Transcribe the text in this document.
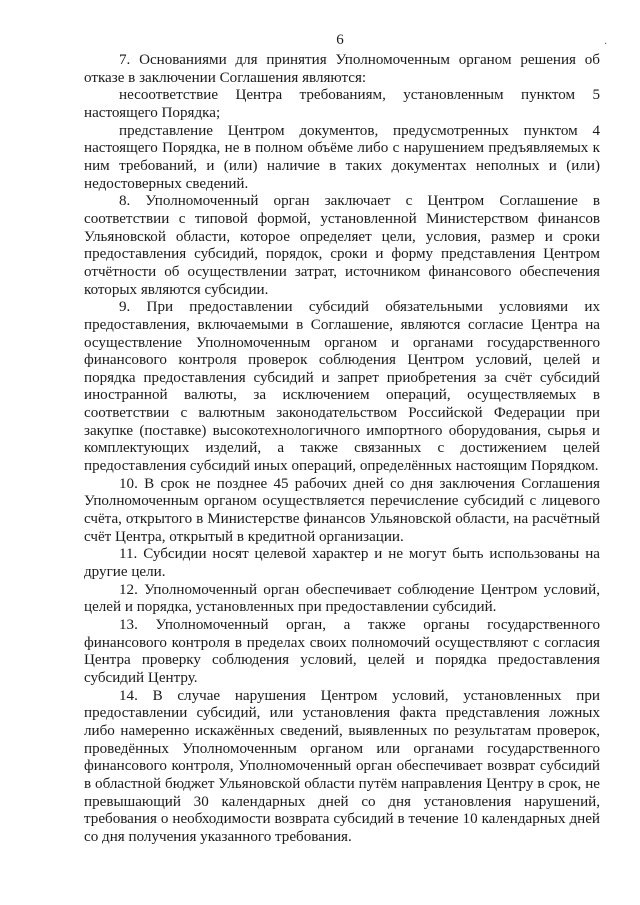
6	·

7. Основаниями для принятия Уполномоченным органом решения об отказе в заключении Соглашения являются:

несоответствие Центра требованиям, установленным пунктом 5 настоящего Порядка;

представление Центром документов, предусмотренных пунктом 4 настоящего Порядка, не в полном объёме либо с нарушением предъявляемых к ним требований, и (или) наличие в таких документах неполных и (или) недостоверных сведений.

8. Уполномоченный орган заключает с Центром Соглашение в соответствии с типовой формой, установленной Министерством финансов Ульяновской области, которое определяет цели, условия, размер и сроки предоставления субсидий, порядок, сроки и форму представления Центром отчётности об осуществлении затрат, источником финансового обеспечения которых являются субсидии.

9. При предоставлении субсидий обязательными условиями их предоставления, включаемыми в Соглашение, являются согласие Центра на осуществление Уполномоченным органом и органами государственного финансового контроля проверок соблюдения Центром условий, целей и порядка предоставления субсидий и запрет приобретения за счёт субсидий иностранной валюты, за исключением операций, осуществляемых в соответствии с валютным законодательством Российской Федерации при закупке (поставке) высокотехнологичного импортного оборудования, сырья и комплектующих изделий, а также связанных с достижением целей предоставления субсидий иных операций, определённых настоящим Порядком.

10. В срок не позднее 45 рабочих дней со дня заключения Соглашения Уполномоченным органом осуществляется перечисление субсидий с лицевого счёта, открытого в Министерстве финансов Ульяновской области, на расчётный счёт Центра, открытый в кредитной организации.

11. Субсидии носят целевой характер и не могут быть использованы на другие цели.

12. Уполномоченный орган обеспечивает соблюдение Центром условий, целей и порядка, установленных при предоставлении субсидий.

13. Уполномоченный орган, а также органы государственного финансового контроля в пределах своих полномочий осуществляют с согласия Центра проверку соблюдения условий, целей и порядка предоставления субсидий Центру.

14. В случае нарушения Центром условий, установленных при предоставлении субсидий, или установления факта представления ложных либо намеренно искажённых сведений, выявленных по результатам проверок, проведённых Уполномоченным органом или органами государственного финансового контроля, Уполномоченный орган обеспечивает возврат субсидий в областной бюджет Ульяновской области путём направления Центру в срок, не превышающий 30 календарных дней со дня установления нарушений, требования о необходимости возврата субсидий в течение 10 календарных дней со дня получения указанного требования.
